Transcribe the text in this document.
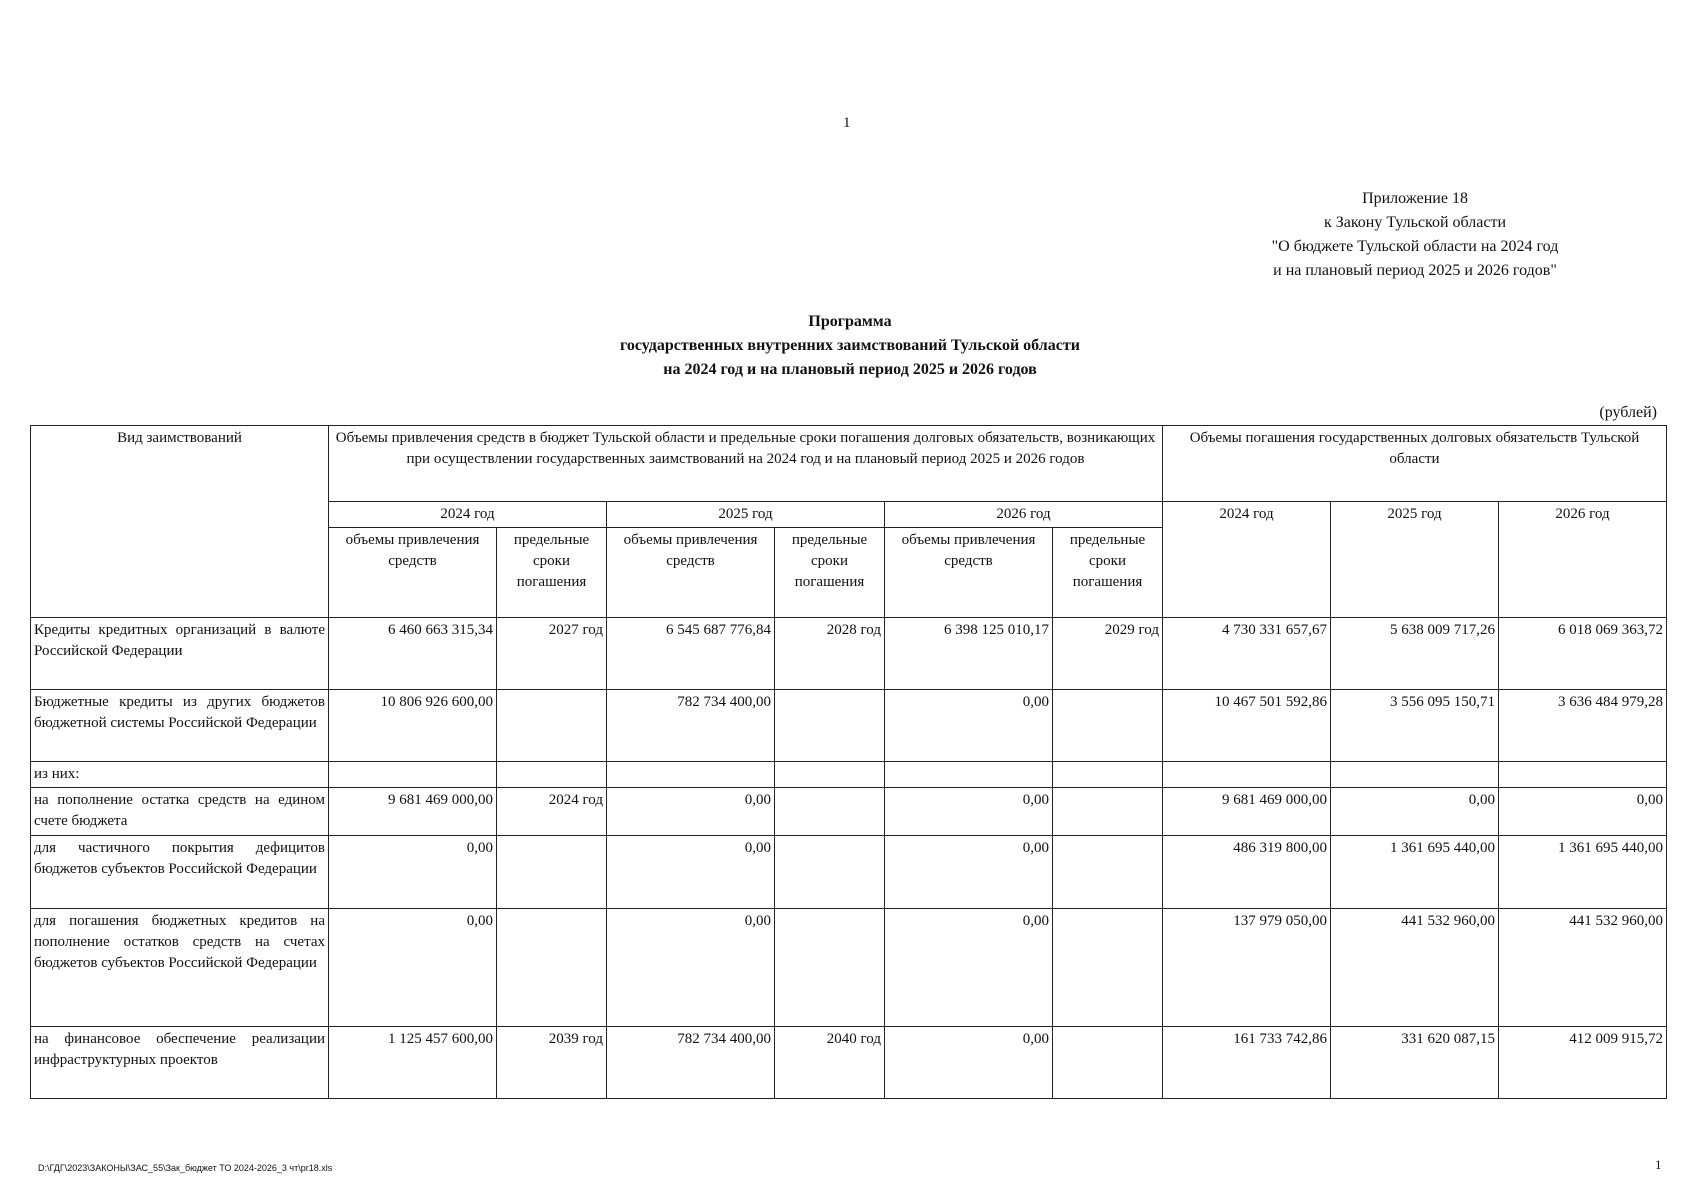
1
Приложение 18
к Закону Тульской области
"О бюджете Тульской области на 2024 год
и на плановый период 2025 и 2026 годов"
Программа
государственных внутренних заимствований Тульской области
на 2024 год и на плановый период 2025 и 2026 годов
(рублей)
Вид заимствований	Объемы привлечения средств в бюджет Тульской области и предельные сроки погашения долговых обязательств, возникающих при осуществлении государственных заимствований на 2024 год и на плановый период 2025 и 2026 годов						Объемы погашения государственных долговых обязательств Тульской области		
	2024 год		2025 год		2026 год		2024 год	2025 год	2026 год
	объемы привлечения средств	предельные сроки погашения	объемы привлечения средств	предельные сроки погашения	объемы привлечения средств	предельные сроки погашения			
Кредиты кредитных организаций в валюте Российской Федерации	6 460 663 315,34	2027 год	6 545 687 776,84	2028 год	6 398 125 010,17	2029 год	4 730 331 657,67	5 638 009 717,26	6 018 069 363,72
Бюджетные кредиты из других бюджетов бюджетной системы Российской Федерации	10 806 926 600,00		782 734 400,00		0,00		10 467 501 592,86	3 556 095 150,71	3 636 484 979,28
из них:									
на пополнение остатка средств на едином счете бюджета	9 681 469 000,00	2024 год	0,00		0,00		9 681 469 000,00	0,00	0,00
для частичного покрытия дефицитов бюджетов субъектов Российской Федерации	0,00		0,00		0,00		486 319 800,00	1 361 695 440,00	1 361 695 440,00
для погашения бюджетных кредитов на пополнение остатков средств на счетах бюджетов субъектов Российской Федерации	0,00		0,00		0,00		137 979 050,00	441 532 960,00	441 532 960,00
на финансовое обеспечение реализации инфраструктурных проектов	1 125 457 600,00	2039 год	782 734 400,00	2040 год	0,00		161 733 742,86	331 620 087,15	412 009 915,72
D:\ГДГ\2023\ЗАКОНЫ\ЗАС_55\Зак_бюджет ТО 2024-2026_3 чт\pr18.xls	1
